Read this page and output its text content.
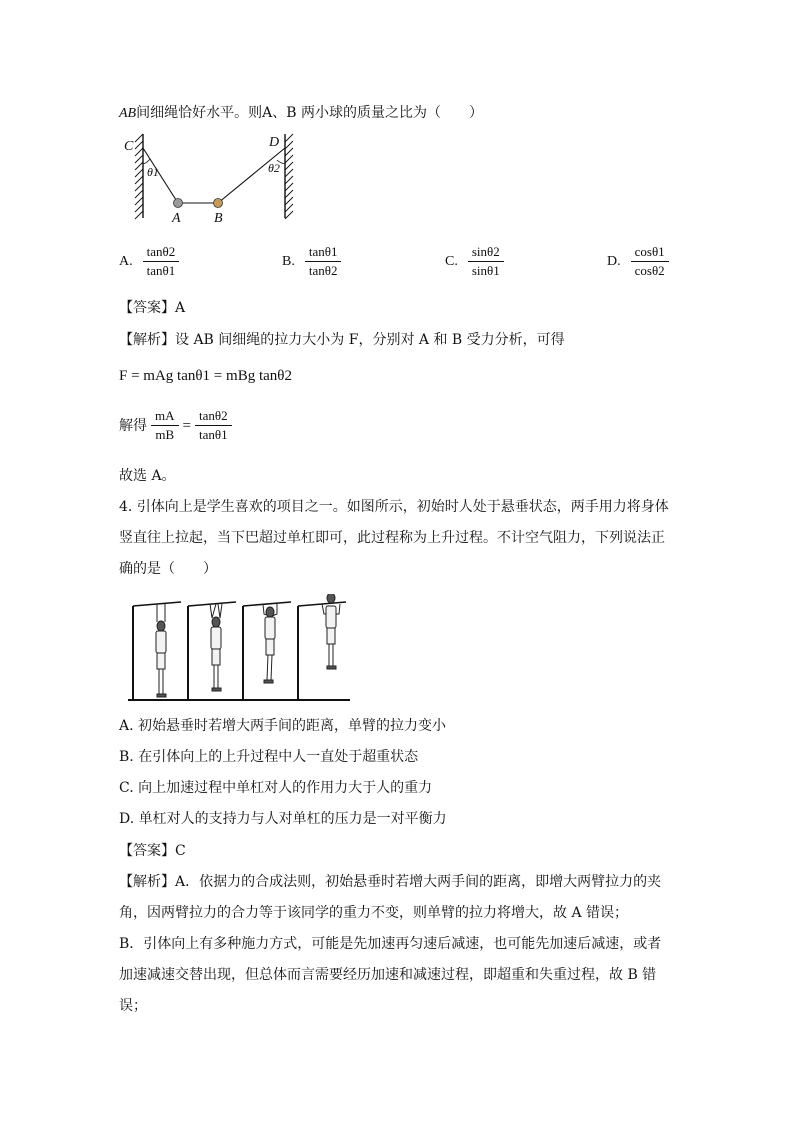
AB间细绳恰好水平。则A、B 两小球的质量之比为（　　）
C	D
A B
θ1	θ2
A. $\frac{\tan\theta 2}{\tan\theta 1}$	B. $\frac{\tan\theta 1}{\tan\theta 2}$	C. $\frac{\sin\theta 2}{\sin\theta 1}$	D. $\frac{\cos\theta 1}{\cos\theta 2}$
【答案】A
【解析】设 AB 间细绳的拉力大小为 F，分别对 A 和 B 受力分析，可得
F = mAg tanθ1 = mBg tanθ2
解得 $\frac{mA}{mB} = \frac{\tan\theta 2}{\tan\theta 1}$
故选 A。
4. 引体向上是学生喜欢的项目之一。如图所示，初始时人处于悬垂状态，两手用力将身体
竖直往上拉起，当下巴超过单杠即可，此过程称为上升过程。不计空气阻力，下列说法正
确的是（　　）
A. 初始悬垂时若增大两手间的距离，单臂的拉力变小
B. 在引体向上的上升过程中人一直处于超重状态
C. 向上加速过程中单杠对人的作用力大于人的重力
D. 单杠对人的支持力与人对单杠的压力是一对平衡力
【答案】C
【解析】A．依据力的合成法则，初始悬垂时若增大两手间的距离，即增大两臂拉力的夹
角，因两臂拉力的合力等于该同学的重力不变，则单臂的拉力将增大，故 A 错误；
B．引体向上有多种施力方式，可能是先加速再匀速后减速，也可能先加速后减速，或者
加速减速交替出现，但总体而言需要经历加速和减速过程，即超重和失重过程，故 B 错
误；
